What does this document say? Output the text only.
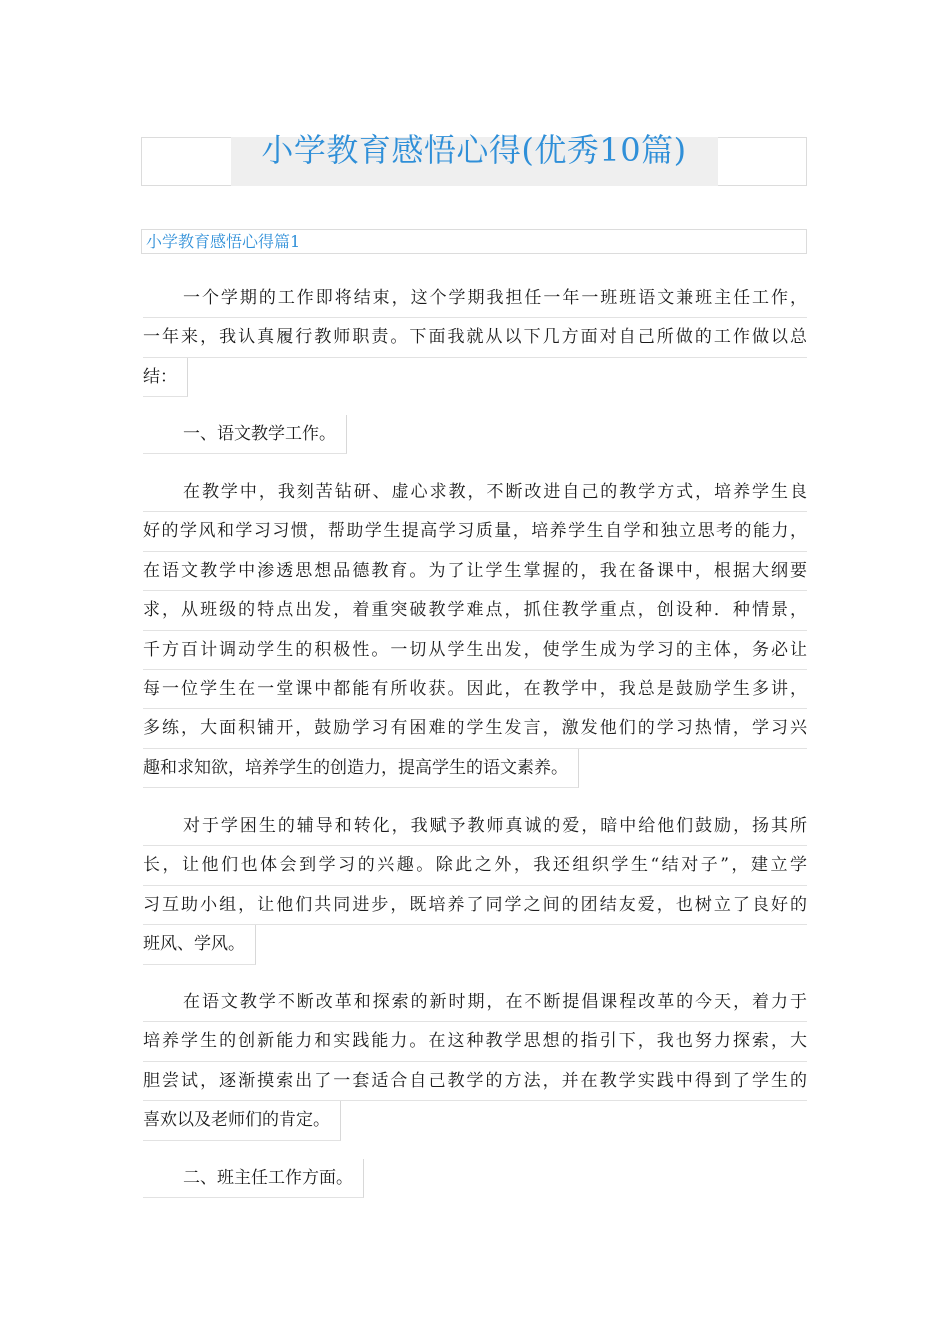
小学教育感悟心得(优秀10篇)
小学教育感悟心得篇1
一个学期的工作即将结束，这个学期我担任一年一班班语文兼班主任工作，
一年来，我认真履行教师职责。下面我就从以下几方面对自己所做的工作做以总
结：
一、语文教学工作。
在教学中，我刻苦钻研、虚心求教，不断改进自己的教学方式，培养学生良
好的学风和学习习惯，帮助学生提高学习质量，培养学生自学和独立思考的能力，
在语文教学中渗透思想品德教育。为了让学生掌握的，我在备课中，根据大纲要
求，从班级的特点出发，着重突破教学难点，抓住教学重点，创设种．种情景，
千方百计调动学生的积极性。一切从学生出发，使学生成为学习的主体，务必让
每一位学生在一堂课中都能有所收获。因此，在教学中，我总是鼓励学生多讲，
多练，大面积铺开，鼓励学习有困难的学生发言，激发他们的学习热情，学习兴
趣和求知欲，培养学生的创造力，提高学生的语文素养。
对于学困生的辅导和转化，我赋予教师真诚的爱，暗中给他们鼓励，扬其所
长，让他们也体会到学习的兴趣。除此之外，我还组织学生“结对子”，建立学
习互助小组，让他们共同进步，既培养了同学之间的团结友爱，也树立了良好的
班风、学风。
在语文教学不断改革和探索的新时期，在不断提倡课程改革的今天，着力于
培养学生的创新能力和实践能力。在这种教学思想的指引下，我也努力探索，大
胆尝试，逐渐摸索出了一套适合自己教学的方法，并在教学实践中得到了学生的
喜欢以及老师们的肯定。
二、班主任工作方面。
